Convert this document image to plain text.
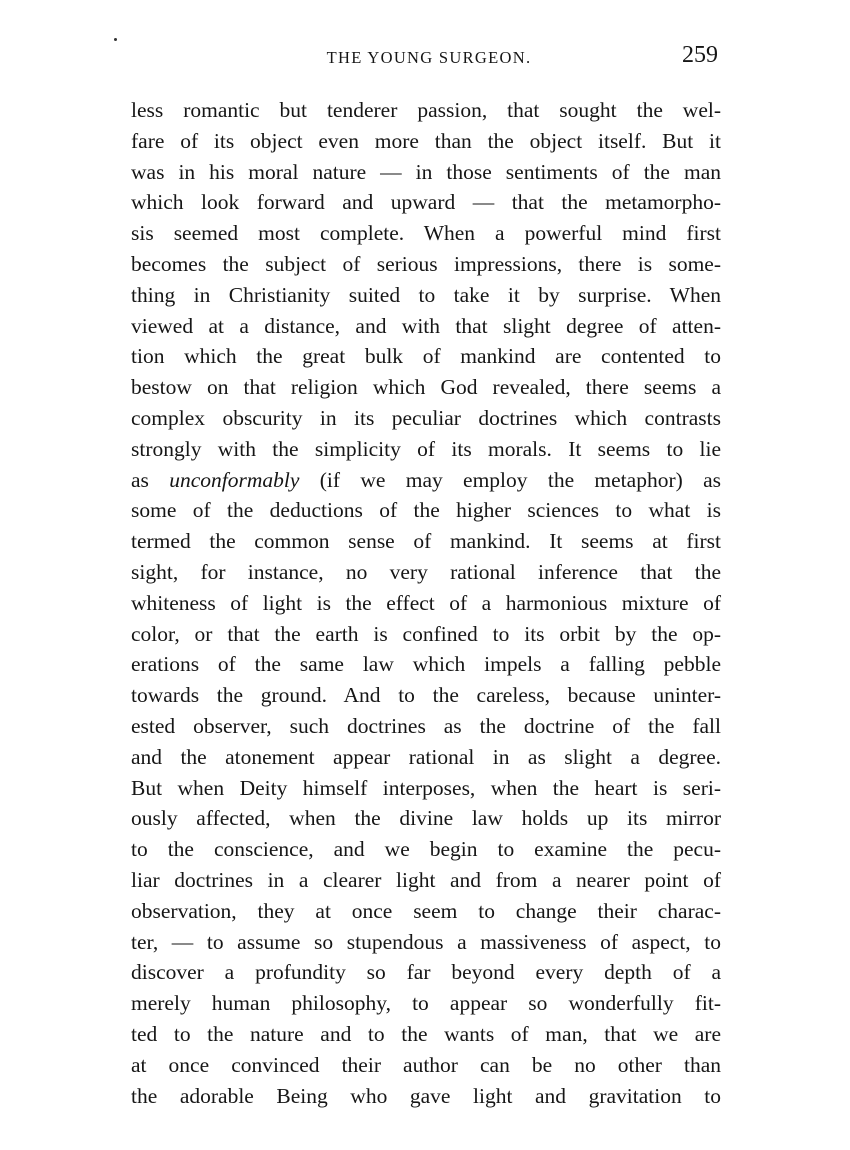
THE YOUNG SURGEON.	259
less romantic but tenderer passion, that sought the wel-
fare of its object even more than the object itself. But it
was in his moral nature — in those sentiments of the man
which look forward and upward — that the metamorpho-
sis seemed most complete. When a powerful mind first
becomes the subject of serious impressions, there is some-
thing in Christianity suited to take it by surprise. When
viewed at a distance, and with that slight degree of atten-
tion which the great bulk of mankind are contented to
bestow on that religion which God revealed, there seems a
complex obscurity in its peculiar doctrines which contrasts
strongly with the simplicity of its morals. It seems to lie
as unconformably (if we may employ the metaphor) as
some of the deductions of the higher sciences to what is
termed the common sense of mankind. It seems at first
sight, for instance, no very rational inference that the
whiteness of light is the effect of a harmonious mixture of
color, or that the earth is confined to its orbit by the op-
erations of the same law which impels a falling pebble
towards the ground. And to the careless, because uninter-
ested observer, such doctrines as the doctrine of the fall
and the atonement appear rational in as slight a degree.
But when Deity himself interposes, when the heart is seri-
ously affected, when the divine law holds up its mirror
to the conscience, and we begin to examine the pecu-
liar doctrines in a clearer light and from a nearer point of
observation, they at once seem to change their charac-
ter, — to assume so stupendous a massiveness of aspect, to
discover a profundity so far beyond every depth of a
merely human philosophy, to appear so wonderfully fit-
ted to the nature and to the wants of man, that we are
at once convinced their author can be no other than
the adorable Being who gave light and gravitation to
